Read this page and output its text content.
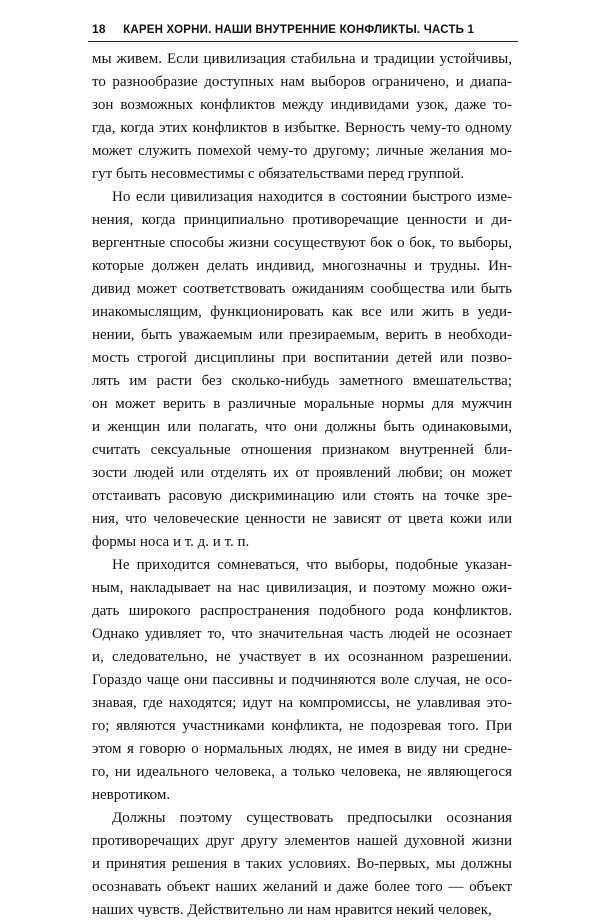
18 КАРЕН ХОРНИ. НАШИ ВНУТРЕННИЕ КОНФЛИКТЫ. ЧАСТЬ 1
мы живем. Если цивилизация стабильна и традиции устойчивы,
то разнообразие доступных нам выборов ограничено, и диапа-
зон возможных конфликтов между индивидами узок, даже то-
гда, когда этих конфликтов в избытке. Верность чему-то одному
может служить помехой чему-то другому; личные желания мо-
гут быть несовместимы с обязательствами перед группой.
Но если цивилизация находится в состоянии быстрого изме-
нения, когда принципиально противоречащие ценности и ди-
вергентные способы жизни сосуществуют бок о бок, то выборы,
которые должен делать индивид, многозначны и трудны. Ин-
дивид может соответствовать ожиданиям сообщества или быть
инакомыслящим, функционировать как все или жить в уеди-
нении, быть уважаемым или презираемым, верить в необходи-
мость строгой дисциплины при воспитании детей или позво-
лять им расти без сколько-нибудь заметного вмешательства;
он может верить в различные моральные нормы для мужчин
и женщин или полагать, что они должны быть одинаковыми,
считать сексуальные отношения признаком внутренней бли-
зости людей или отделять их от проявлений любви; он может
отстаивать расовую дискриминацию или стоять на точке зре-
ния, что человеческие ценности не зависят от цвета кожи или
формы носа и т. д. и т. п.
Не приходится сомневаться, что выборы, подобные указан-
ным, накладывает на нас цивилизация, и поэтому можно ожи-
дать широкого распространения подобного рода конфликтов.
Однако удивляет то, что значительная часть людей не осознает
и, следовательно, не участвует в их осознанном разрешении.
Гораздо чаще они пассивны и подчиняются воле случая, не осо-
знавая, где находятся; идут на компромиссы, не улавливая это-
го; являются участниками конфликта, не подозревая того. При
этом я говорю о нормальных людях, не имея в виду ни средне-
го, ни идеального человека, а только человека, не являющегося
невротиком.
Должны поэтому существовать предпосылки осознания
противоречащих друг другу элементов нашей духовной жизни
и принятия решения в таких условиях. Во-первых, мы должны
осознавать объект наших желаний и даже более того — объект
наших чувств. Действительно ли нам нравится некий человек,
